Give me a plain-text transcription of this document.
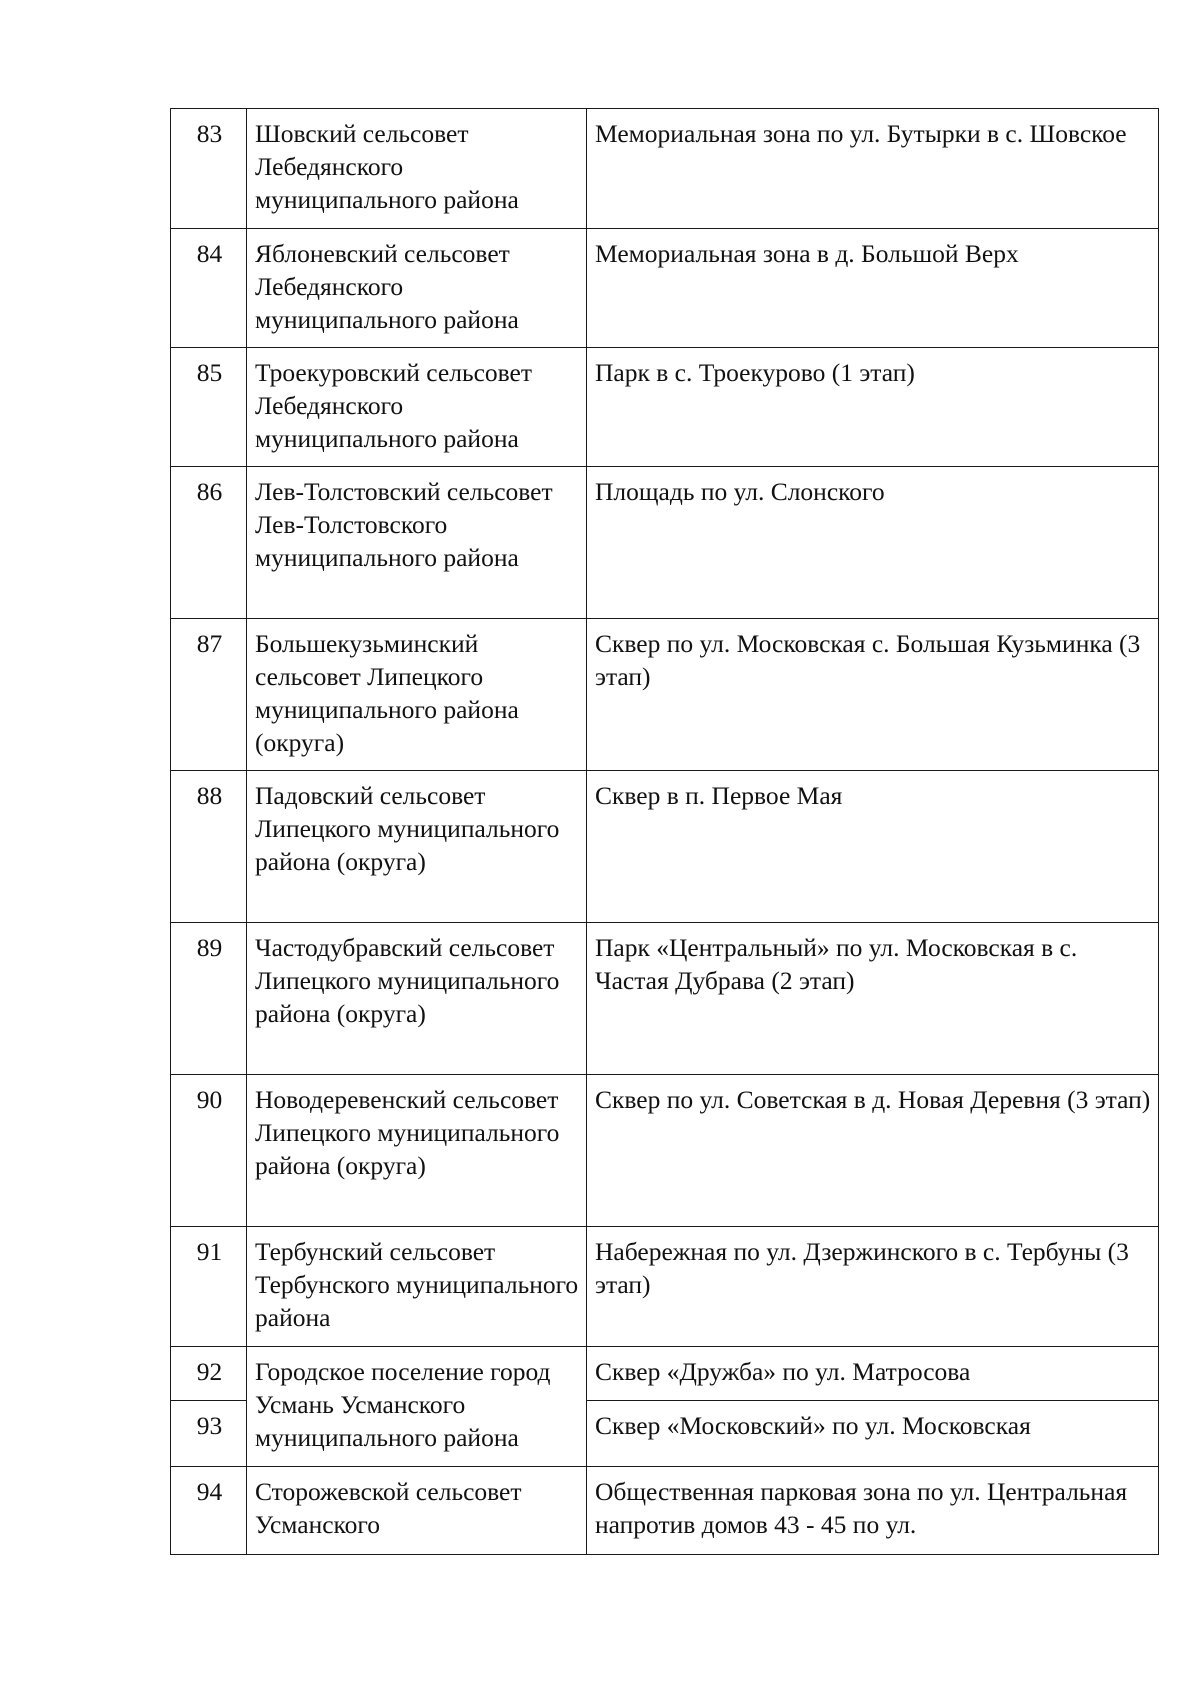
83	Шовский сельсовет Лебедянского муниципального района	Мемориальная зона по ул. Бутырки в с. Шовское
84	Яблоневский сельсовет Лебедянского муниципального района	Мемориальная зона в д. Большой Верх
85	Троекуровский сельсовет Лебедянского муниципального района	Парк в с. Троекурово (1 этап)
86	Лев-Толстовский сельсовет Лев-Толстовского муниципального района	Площадь по ул. Слонского
87	Большекузьминский сельсовет Липецкого муниципального района (округа)	Сквер по ул. Московская с. Большая Кузьминка (3 этап)
88	Падовский сельсовет Липецкого муниципального района (округа)	Сквер в п. Первое Мая
89	Частодубравский сельсовет Липецкого муниципального района (округа)	Парк «Центральный» по ул. Московская в с. Частая Дубрава (2 этап)
90	Новодеревенский сельсовет Липецкого муниципального района (округа)	Сквер по ул. Советская в д. Новая Деревня (3 этап)
91	Тербунский сельсовет Тербунского муниципального района	Набережная по ул. Дзержинского в с. Тербуны (3 этап)
92	Городское поселение город Усмань Усманского муниципального района	Сквер «Дружба» по ул. Матросова
93		Сквер «Московский» по ул. Московская
94	Сторожевской сельсовет Усманского	Общественная парковая зона по ул. Центральная напротив домов 43 - 45 по ул.
